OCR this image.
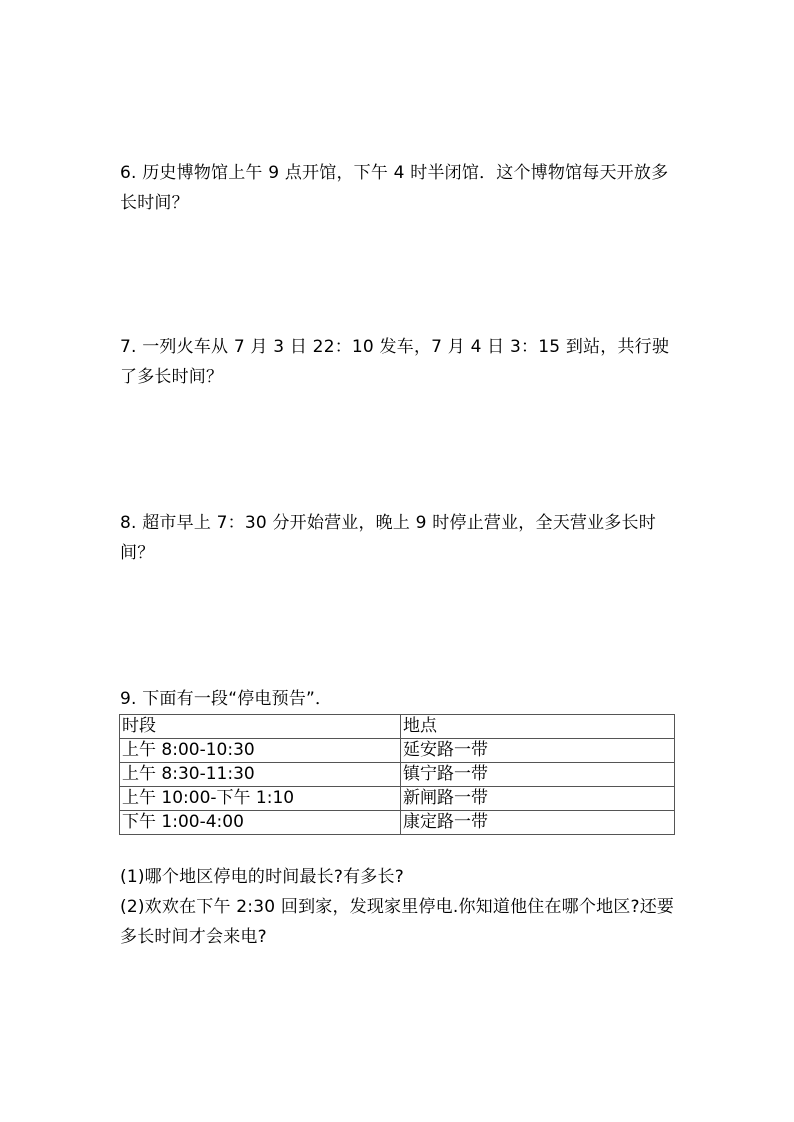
6. 历史博物馆上午 9 点开馆，下午 4 时半闭馆．这个博物馆每天开放多长时间？

7. 一列火车从 7 月 3 日 22：10 发车，7 月 4 日 3：15 到站，共行驶了多长时间？

8. 超市早上 7：30 分开始营业，晚上 9 时停止营业，全天营业多长时间？

9. 下面有一段“停电预告”．

时段	地点
上午 8:00-10:30	延安路一带
上午 8:30-11:30	镇宁路一带
上午 10:00-下午 1:10	新闸路一带
下午 1:00-4:00	康定路一带

(1)哪个地区停电的时间最长?有多长?

(2)欢欢在下午 2:30 回到家，发现家里停电.你知道他住在哪个地区?还要多长时间才会来电?
